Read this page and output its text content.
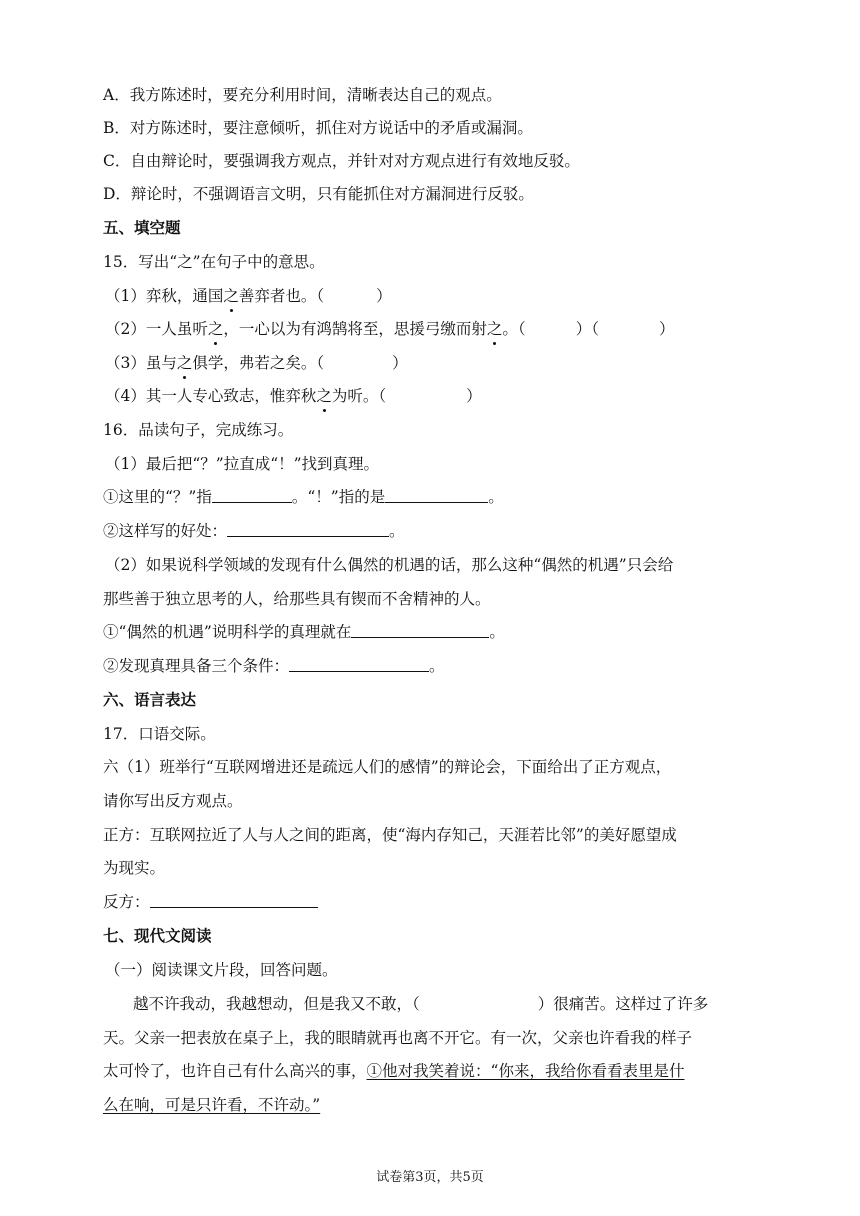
A．我方陈述时，要充分利用时间，清晰表达自己的观点。
B．对方陈述时，要注意倾听，抓住对方说话中的矛盾或漏洞。
C．自由辩论时，要强调我方观点，并针对对方观点进行有效地反驳。
D．辩论时，不强调语言文明，只有能抓住对方漏洞进行反驳。
五、填空题
15．写出“之”在句子中的意思。
（1）弈秋，通国之善弈者也。（	）
（2）一人虽听之，一心以为有鸿鹄将至，思援弓缴而射之。（	）（	）
（3）虽与之俱学，弗若之矣。（	）
（4）其一人专心致志，惟弈秋之为听。（	）
16．品读句子，完成练习。
（1）最后把“？”拉直成“！”找到真理。
①这里的“？”指	。“！”指的是	。
②这样写的好处：	。
（2）如果说科学领域的发现有什么偶然的机遇的话，那么这种“偶然的机遇”只会给
那些善于独立思考的人，给那些具有锲而不舍精神的人。
①“偶然的机遇”说明科学的真理就在	。
②发现真理具备三个条件：	。
六、语言表达
17．口语交际。
六（1）班举行“互联网增进还是疏远人们的感情”的辩论会，下面给出了正方观点，
请你写出反方观点。
正方：互联网拉近了人与人之间的距离，使“海内存知己，天涯若比邻”的美好愿望成
为现实。
反方：
七、现代文阅读
（一）阅读课文片段，回答问题。
越不许我动，我越想动，但是我又不敢，（	）很痛苦。这样过了许多
天。父亲一把表放在桌子上，我的眼睛就再也离不开它。有一次，父亲也许看我的样子
太可怜了，也许自己有什么高兴的事，①他对我笑着说：“你来，我给你看看表里是什
么在响，可是只许看，不许动。”
试卷第3页，共5页
